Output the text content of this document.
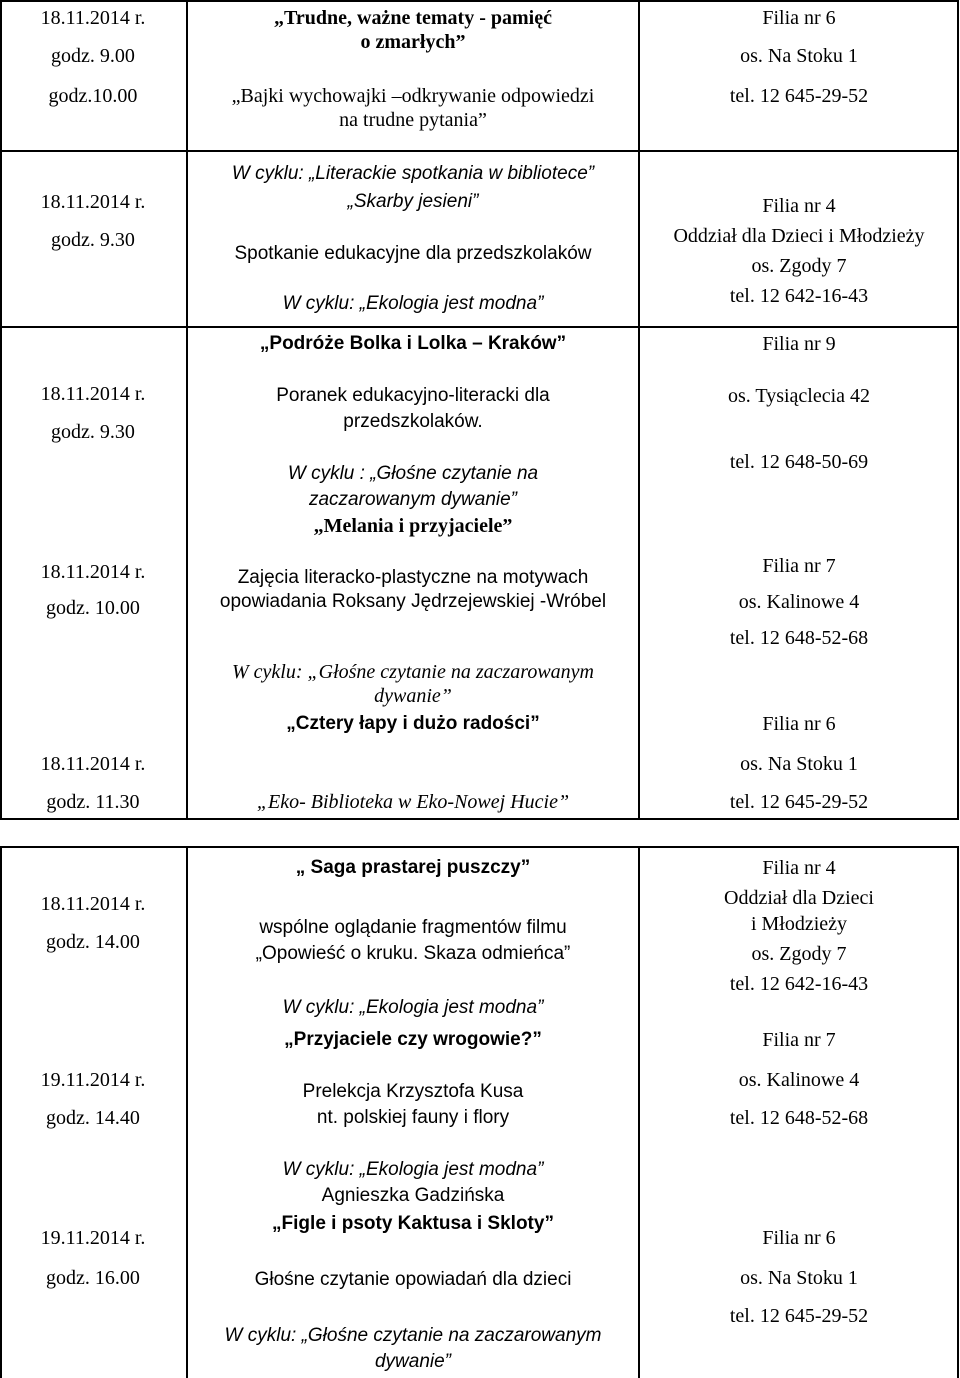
18.11.2014 r.
godz. 9.00
godz.10.00
„Trudne, ważne tematy - pamięć
o zmarłych”
„Bajki wychowajki –odkrywanie odpowiedzi
na trudne pytania”
Filia nr 6
os. Na Stoku 1
tel. 12 645-29-52
18.11.2014 r.
godz. 9.30
W cyklu: „Literackie spotkania w bibliotece”
„Skarby jesieni”
Spotkanie edukacyjne dla przedszkolaków
W cyklu: „Ekologia jest modna”
Filia nr 4
Oddział dla Dzieci i Młodzieży
os. Zgody 7
tel. 12 642-16-43
18.11.2014 r.
godz. 9.30
„Podróże Bolka i Lolka – Kraków”
Poranek edukacyjno-literacki dla
przedszkolaków.
W cyklu : „Głośne czytanie na
zaczarowanym dywanie”
Filia nr 9
os. Tysiąclecia 42
tel. 12 648-50-69
18.11.2014 r.
godz. 10.00
„Melania i przyjaciele”
Zajęcia literacko-plastyczne na motywach
opowiadania Roksany Jędrzejewskiej -Wróbel
W cyklu: „Głośne czytanie na zaczarowanym
dywanie”
Filia nr 7
os. Kalinowe 4
tel. 12 648-52-68
18.11.2014 r.
godz. 11.30
„Cztery łapy i dużo radości”
„Eko- Biblioteka w Eko-Nowej Hucie”
Filia nr 6
os. Na Stoku 1
tel. 12 645-29-52
18.11.2014 r.
godz. 14.00
„ Saga prastarej puszczy”
wspólne oglądanie fragmentów filmu
„Opowieść o kruku. Skaza odmieńca”
W cyklu: „Ekologia jest modna”
Filia nr 4
Oddział dla Dzieci
i Młodzieży
os. Zgody 7
tel. 12 642-16-43
19.11.2014 r.
godz. 14.40
„Przyjaciele czy wrogowie?”
Prelekcja Krzysztofa Kusa
nt. polskiej fauny i flory
Filia nr 7
os. Kalinowe 4
tel. 12 648-52-68
19.11.2014 r.
godz. 16.00
W cyklu: „Ekologia jest modna”
Agnieszka Gadzińska
„Figle i psoty Kaktusa i Skloty”
Głośne czytanie opowiadań dla dzieci
W cyklu: „Głośne czytanie na zaczarowanym
dywanie”
Filia nr 6
os. Na Stoku 1
tel. 12 645-29-52
